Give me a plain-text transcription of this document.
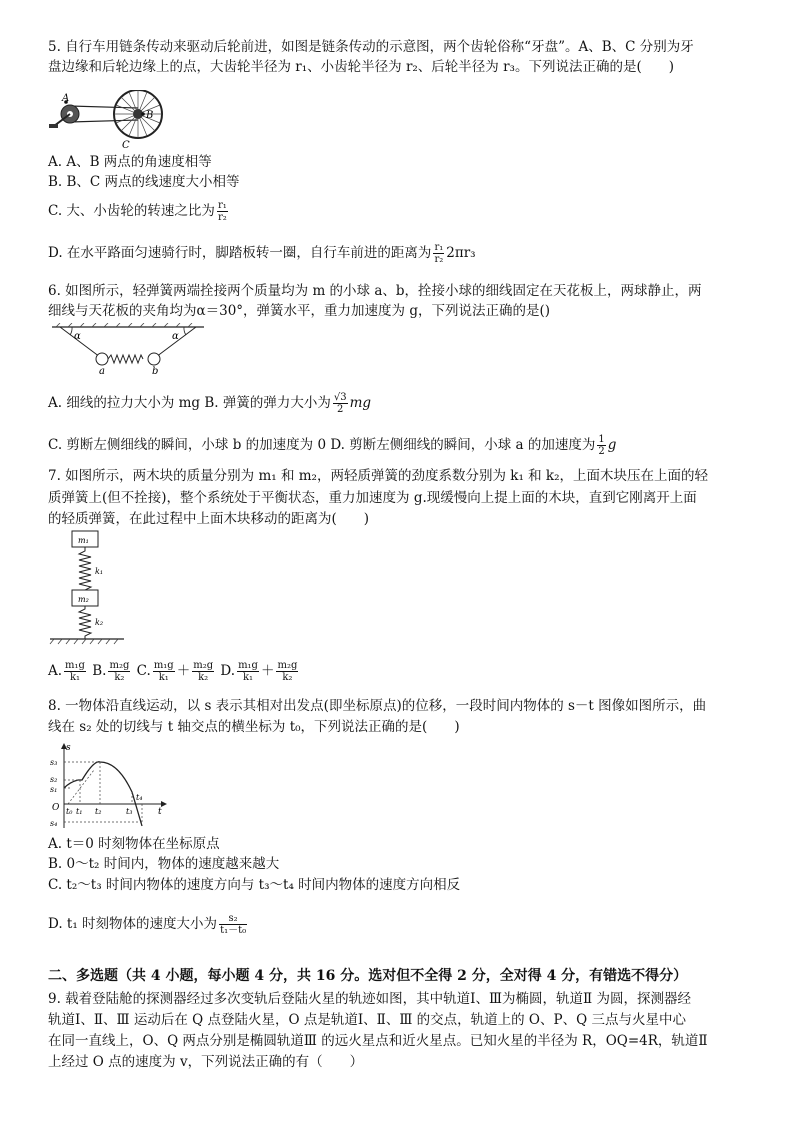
5. 自行车用链条传动来驱动后轮前进，如图是链条传动的示意图，两个齿轮俗称“牙盘”。A、B、C 分别为牙
盘边缘和后轮边缘上的点，大齿轮半径为 r₁、小齿轮半径为 r₂、后轮半径为 r₃。下列说法正确的是(　　)
A
B
C
A. A、B 两点的角速度相等
B. B、C 两点的线速度大小相等
C. 大、小齿轮的转速之比为 $\frac{\text{r₁}}{\text{r₂}}$
D. 在水平路面匀速骑行时，脚踏板转一圈，自行车前进的距离为 $\frac{\text{r₁}}{\text{r₂}} 2\pi r_3$
6. 如图所示，轻弹簧两端拴接两个质量均为 m 的小球 a、b，拴接小球的细线固定在天花板上，两球静止，两
细线与天花板的夹角均为α＝30°，弹簧水平，重力加速度为 g，下列说法正确的是()
α	α
a	b
A. 细线的拉力大小为 mg B. 弹簧的弹力大小为 $\frac{√3}{2}$ mg
C. 剪断左侧细线的瞬间，小球 b 的加速度为 0 D. 剪断左侧细线的瞬间，小球 a 的加速度为 $\frac{1}{2}$ g
7. 如图所示，两木块的质量分别为 m₁ 和 m₂，两轻质弹簧的劲度系数分别为 k₁ 和 k₂，上面木块压在上面的轻
质弹簧上(但不拴接)，整个系统处于平衡状态，重力加速度为 g.现缓慢向上提上面的木块，直到它刚离开上面
的轻质弹簧，在此过程中上面木块移动的距离为(　　)
m₁
k₁
m₂
k₂
A. $\frac{\text{m₁g}}{\text{k₁}} B$. $\frac{\text{m₂g}}{\text{k₂}} C$. $\frac{\text{m₁g}}{\text{k₁}} + \frac{\text{m₂g}}{\text{k₂}} D$. $\frac{\text{m₁g}}{\text{k₁}} + \frac{\text{m₂g}}{\text{k₂}}$
8. 一物体沿直线运动，以 s 表示其相对出发点(即坐标原点)的位移，一段时间内物体的 s－t 图像如图所示，曲
线在 s₂ 处的切线与 t 轴交点的横坐标为 t₀，下列说法正确的是(　　)
s
t
O
s₃
s₂
s₁
s₄
t₀ t₁ t₂	t₃
t₄
A. t＝0 时刻物体在坐标原点
B. 0～t₂ 时间内，物体的速度越来越大
C. t₂～t₃ 时间内物体的速度方向与 t₃～t₄ 时间内物体的速度方向相反
D. t₁ 时刻物体的速度大小为 $\frac{\text{s₂}}{\text{t₁－t₀}}$
二、多选题（共 4 小题，每小题 4 分，共 16 分。选对但不全得 2 分，全对得 4 分，有错选不得分）
9. 载着登陆舱的探测器经过多次变轨后登陆火星的轨迹如图，其中轨道Ⅰ、Ⅲ为椭圆，轨道Ⅱ 为圆，探测器经
轨道Ⅰ、Ⅱ、Ⅲ 运动后在 Q 点登陆火星，O 点是轨道Ⅰ、Ⅱ、Ⅲ 的交点，轨道上的 O、P、Q 三点与火星中心
在同一直线上，O、Q 两点分别是椭圆轨道Ⅲ 的远火星点和近火星点。已知火星的半径为 R，OQ=4R，轨道Ⅱ
上经过 O 点的速度为 v，下列说法正确的有（　　）
